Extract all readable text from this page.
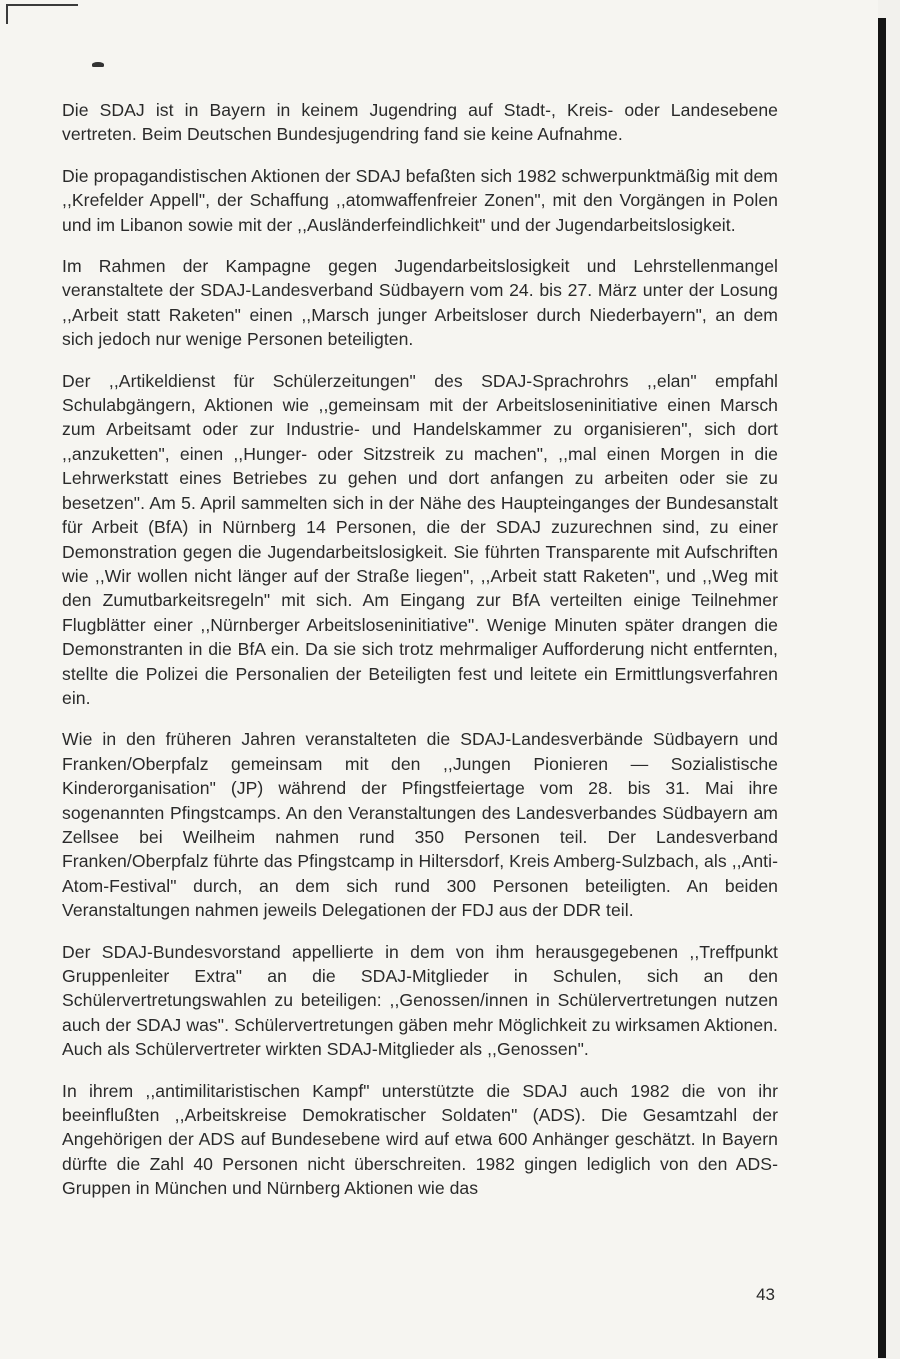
Die SDAJ ist in Bayern in keinem Jugendring auf Stadt-, Kreis- oder Landesebene vertreten. Beim Deutschen Bundesjugendring fand sie keine Aufnahme.

Die propagandistischen Aktionen der SDAJ befaßten sich 1982 schwerpunktmäßig mit dem ,,Krefelder Appell", der Schaffung ,,atomwaffenfreier Zonen", mit den Vorgängen in Polen und im Libanon sowie mit der ,,Ausländerfeindlichkeit" und der Jugendarbeitslosigkeit.

Im Rahmen der Kampagne gegen Jugendarbeitslosigkeit und Lehrstellenmangel veranstaltete der SDAJ-Landesverband Südbayern vom 24. bis 27. März unter der Losung ,,Arbeit statt Raketen" einen ,,Marsch junger Arbeitsloser durch Niederbayern", an dem sich jedoch nur wenige Personen beteiligten.

Der ,,Artikeldienst für Schülerzeitungen" des SDAJ-Sprachrohrs ,,elan" empfahl Schulabgängern, Aktionen wie ,,gemeinsam mit der Arbeitsloseninitiative einen Marsch zum Arbeitsamt oder zur Industrie- und Handelskammer zu organisieren", sich dort ,,anzuketten", einen ,,Hunger- oder Sitzstreik zu machen", ,,mal einen Morgen in die Lehrwerkstatt eines Betriebes zu gehen und dort anfangen zu arbeiten oder sie zu besetzen". Am 5. April sammelten sich in der Nähe des Haupteinganges der Bundesanstalt für Arbeit (BfA) in Nürnberg 14 Personen, die der SDAJ zuzurechnen sind, zu einer Demonstration gegen die Jugendarbeitslosigkeit. Sie führten Transparente mit Aufschriften wie ,,Wir wollen nicht länger auf der Straße liegen", ,,Arbeit statt Raketen", und ,,Weg mit den Zumutbarkeitsregeln" mit sich. Am Eingang zur BfA verteilten einige Teilnehmer Flugblätter einer ,,Nürnberger Arbeitsloseninitiative". Wenige Minuten später drangen die Demonstranten in die BfA ein. Da sie sich trotz mehrmaliger Aufforderung nicht entfernten, stellte die Polizei die Personalien der Beteiligten fest und leitete ein Ermittlungsverfahren ein.

Wie in den früheren Jahren veranstalteten die SDAJ-Landesverbände Südbayern und Franken/Oberpfalz gemeinsam mit den ,,Jungen Pionieren — Sozialistische Kinderorganisation" (JP) während der Pfingstfeiertage vom 28. bis 31. Mai ihre sogenannten Pfingstcamps. An den Veranstaltungen des Landesverbandes Südbayern am Zellsee bei Weilheim nahmen rund 350 Personen teil. Der Landesverband Franken/Oberpfalz führte das Pfingstcamp in Hiltersdorf, Kreis Amberg-Sulzbach, als ,,Anti-Atom-Festival" durch, an dem sich rund 300 Personen beteiligten. An beiden Veranstaltungen nahmen jeweils Delegationen der FDJ aus der DDR teil.

Der SDAJ-Bundesvorstand appellierte in dem von ihm herausgegebenen ,,Treffpunkt Gruppenleiter Extra" an die SDAJ-Mitglieder in Schulen, sich an den Schülervertretungswahlen zu beteiligen: ,,Genossen/innen in Schülervertretungen nutzen auch der SDAJ was". Schülervertretungen gäben mehr Möglichkeit zu wirksamen Aktionen. Auch als Schülervertreter wirkten SDAJ-Mitglieder als ,,Genossen".

In ihrem ,,antimilitaristischen Kampf" unterstützte die SDAJ auch 1982 die von ihr beeinflußten ,,Arbeitskreise Demokratischer Soldaten" (ADS). Die Gesamtzahl der Angehörigen der ADS auf Bundesebene wird auf etwa 600 Anhänger geschätzt. In Bayern dürfte die Zahl 40 Personen nicht überschreiten. 1982 gingen lediglich von den ADS-Gruppen in München und Nürnberg Aktionen wie das

43
